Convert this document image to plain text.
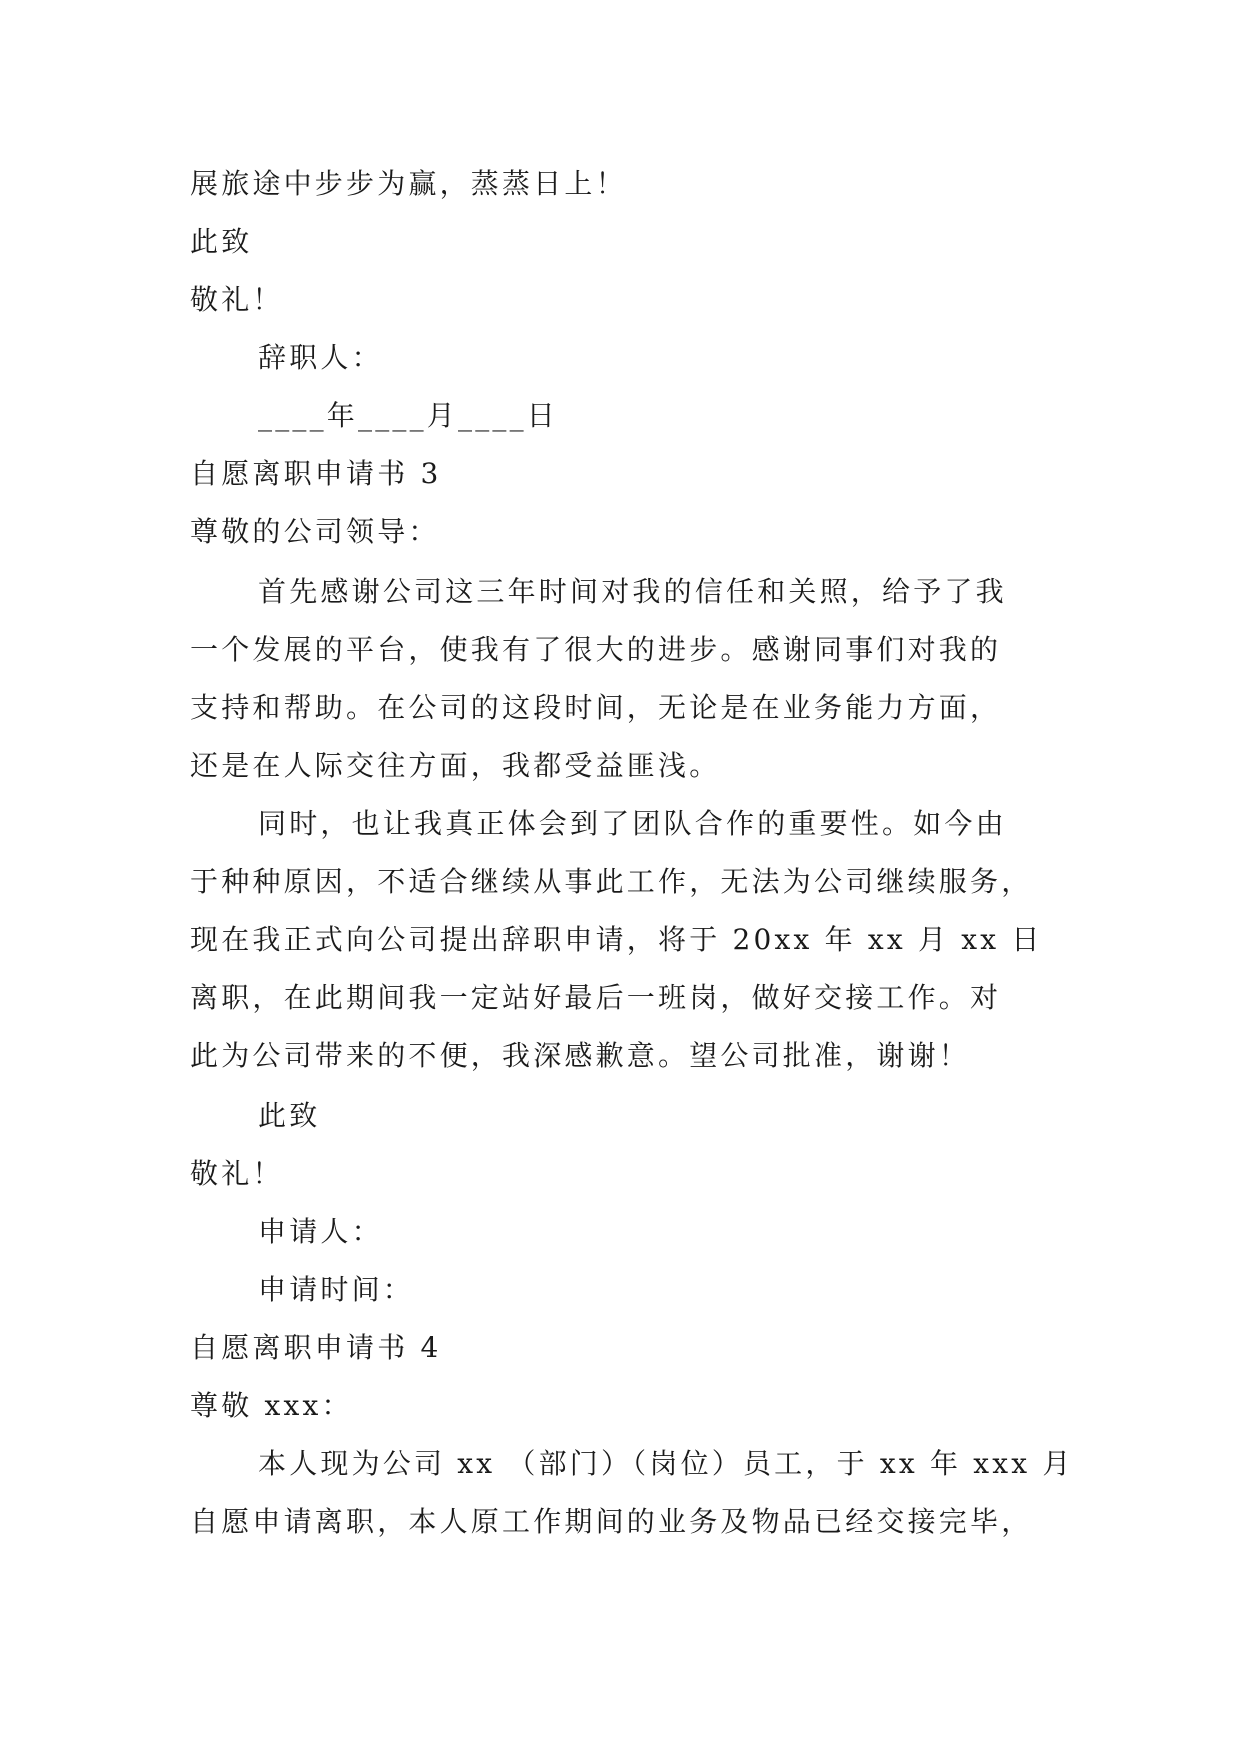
展旅途中步步为赢，蒸蒸日上！
此致
敬礼！
辞职人：
____年____月____日
自愿离职申请书 3
尊敬的公司领导：
首先感谢公司这三年时间对我的信任和关照，给予了我
一个发展的平台，使我有了很大的进步。感谢同事们对我的
支持和帮助。在公司的这段时间，无论是在业务能力方面，
还是在人际交往方面，我都受益匪浅。
同时，也让我真正体会到了团队合作的重要性。如今由
于种种原因，不适合继续从事此工作，无法为公司继续服务，
现在我正式向公司提出辞职申请，将于 20xx 年 xx 月 xx 日
离职，在此期间我一定站好最后一班岗，做好交接工作。对
此为公司带来的不便，我深感歉意。望公司批准，谢谢！
此致
敬礼！
申请人：
申请时间：
自愿离职申请书 4
尊敬 xxx：
本人现为公司 xx （部门）（岗位）员工，于 xx 年 xxx 月
自愿申请离职，本人原工作期间的业务及物品已经交接完毕，
